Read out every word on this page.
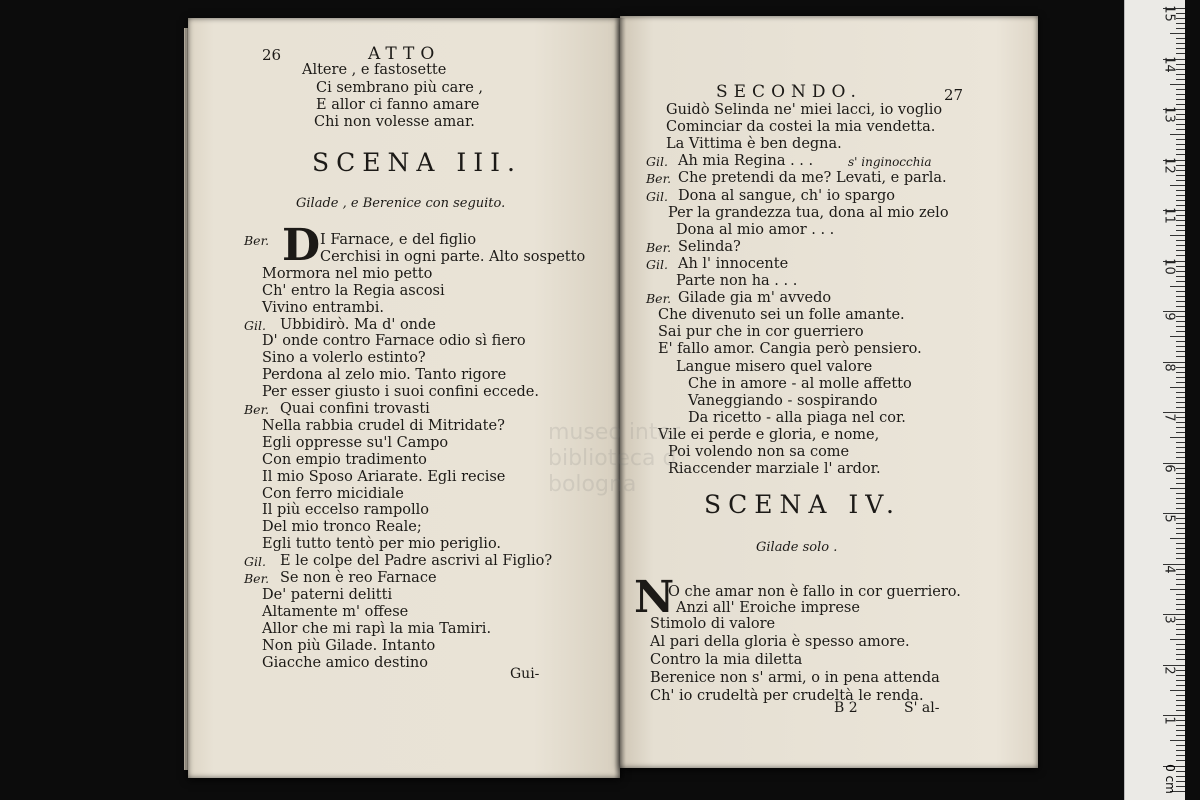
26	ATTO
Altere , e fastosette
Ci sembrano più care ,
E allor ci fanno amare
Chi non volesse amar.
SCENA III.
Gilade , e Berenice con seguito.
D
Ber.	I Farnace, e del figlio
Cerchisi in ogni parte. Alto sospetto
Mormora nel mio petto
Ch' entro la Regia ascosi
Vivino entrambi.
Gil. Ubbidirò. Ma d' onde
D' onde contro Farnace odio sì fiero
Sino a volerlo estinto?
Perdona al zelo mio. Tanto rigore
Per esser giusto i suoi confini eccede.
Ber. Quai confini trovasti
Nella rabbia crudel di Mitridate?
Egli oppresse su'l Campo
Con empio tradimento
Il mio Sposo Ariarate. Egli recise
Con ferro micidiale
Il più eccelso rampollo
Del mio tronco Reale;
Egli tutto tentò per mio periglio.
Gil. E le colpe del Padre ascrivi al Figlio?
Ber. Se non è reo Farnace
De' paterni delitti
Altamente m' offese
Allor che mi rapì la mia Tamiri.
Non più Gilade. Intanto
Giacche amico destino
Gui-
SECONDO.	27
Guidò Selinda ne' miei lacci, io voglio
Cominciar da costei la mia vendetta.
La Vittima è ben degna.
Gil. Ah mia Regina . . .	s' inginocchia
Ber. Che pretendi da me? Levati, e parla.
Gil. Dona al sangue, ch' io spargo
Per la grandezza tua, dona al mio zelo
Dona al mio amor . . .
Ber. Selinda?
Gil. Ah l' innocente
Parte non ha . . .
Ber. Gilade gia m' avvedo
Che divenuto sei un folle amante.
Sai pur che in cor guerriero
E' fallo amor. Cangia però pensiero.
Langue misero quel valore
Che in amore - al molle affetto
Vaneggiando - sospirando
Da ricetto - alla piaga nel cor.
Vile ei perde e gloria, e nome,
Poi volendo non sa come
Riaccender marziale l' ardor.
SCENA IV.
Gilade solo .
N
O che amar non è fallo in cor guerriero.
Anzi all' Eroiche imprese
Stimolo di valore
Al pari della gloria è spesso amore.
Contro la mia diletta
Berenice non s' armi, o in pena attenda
Ch' io crudeltà per crudeltà le renda.
B 2	S' al-
15
14
13
12
11
10
9
8
7
6
5
4
3
2
1
0 cm
